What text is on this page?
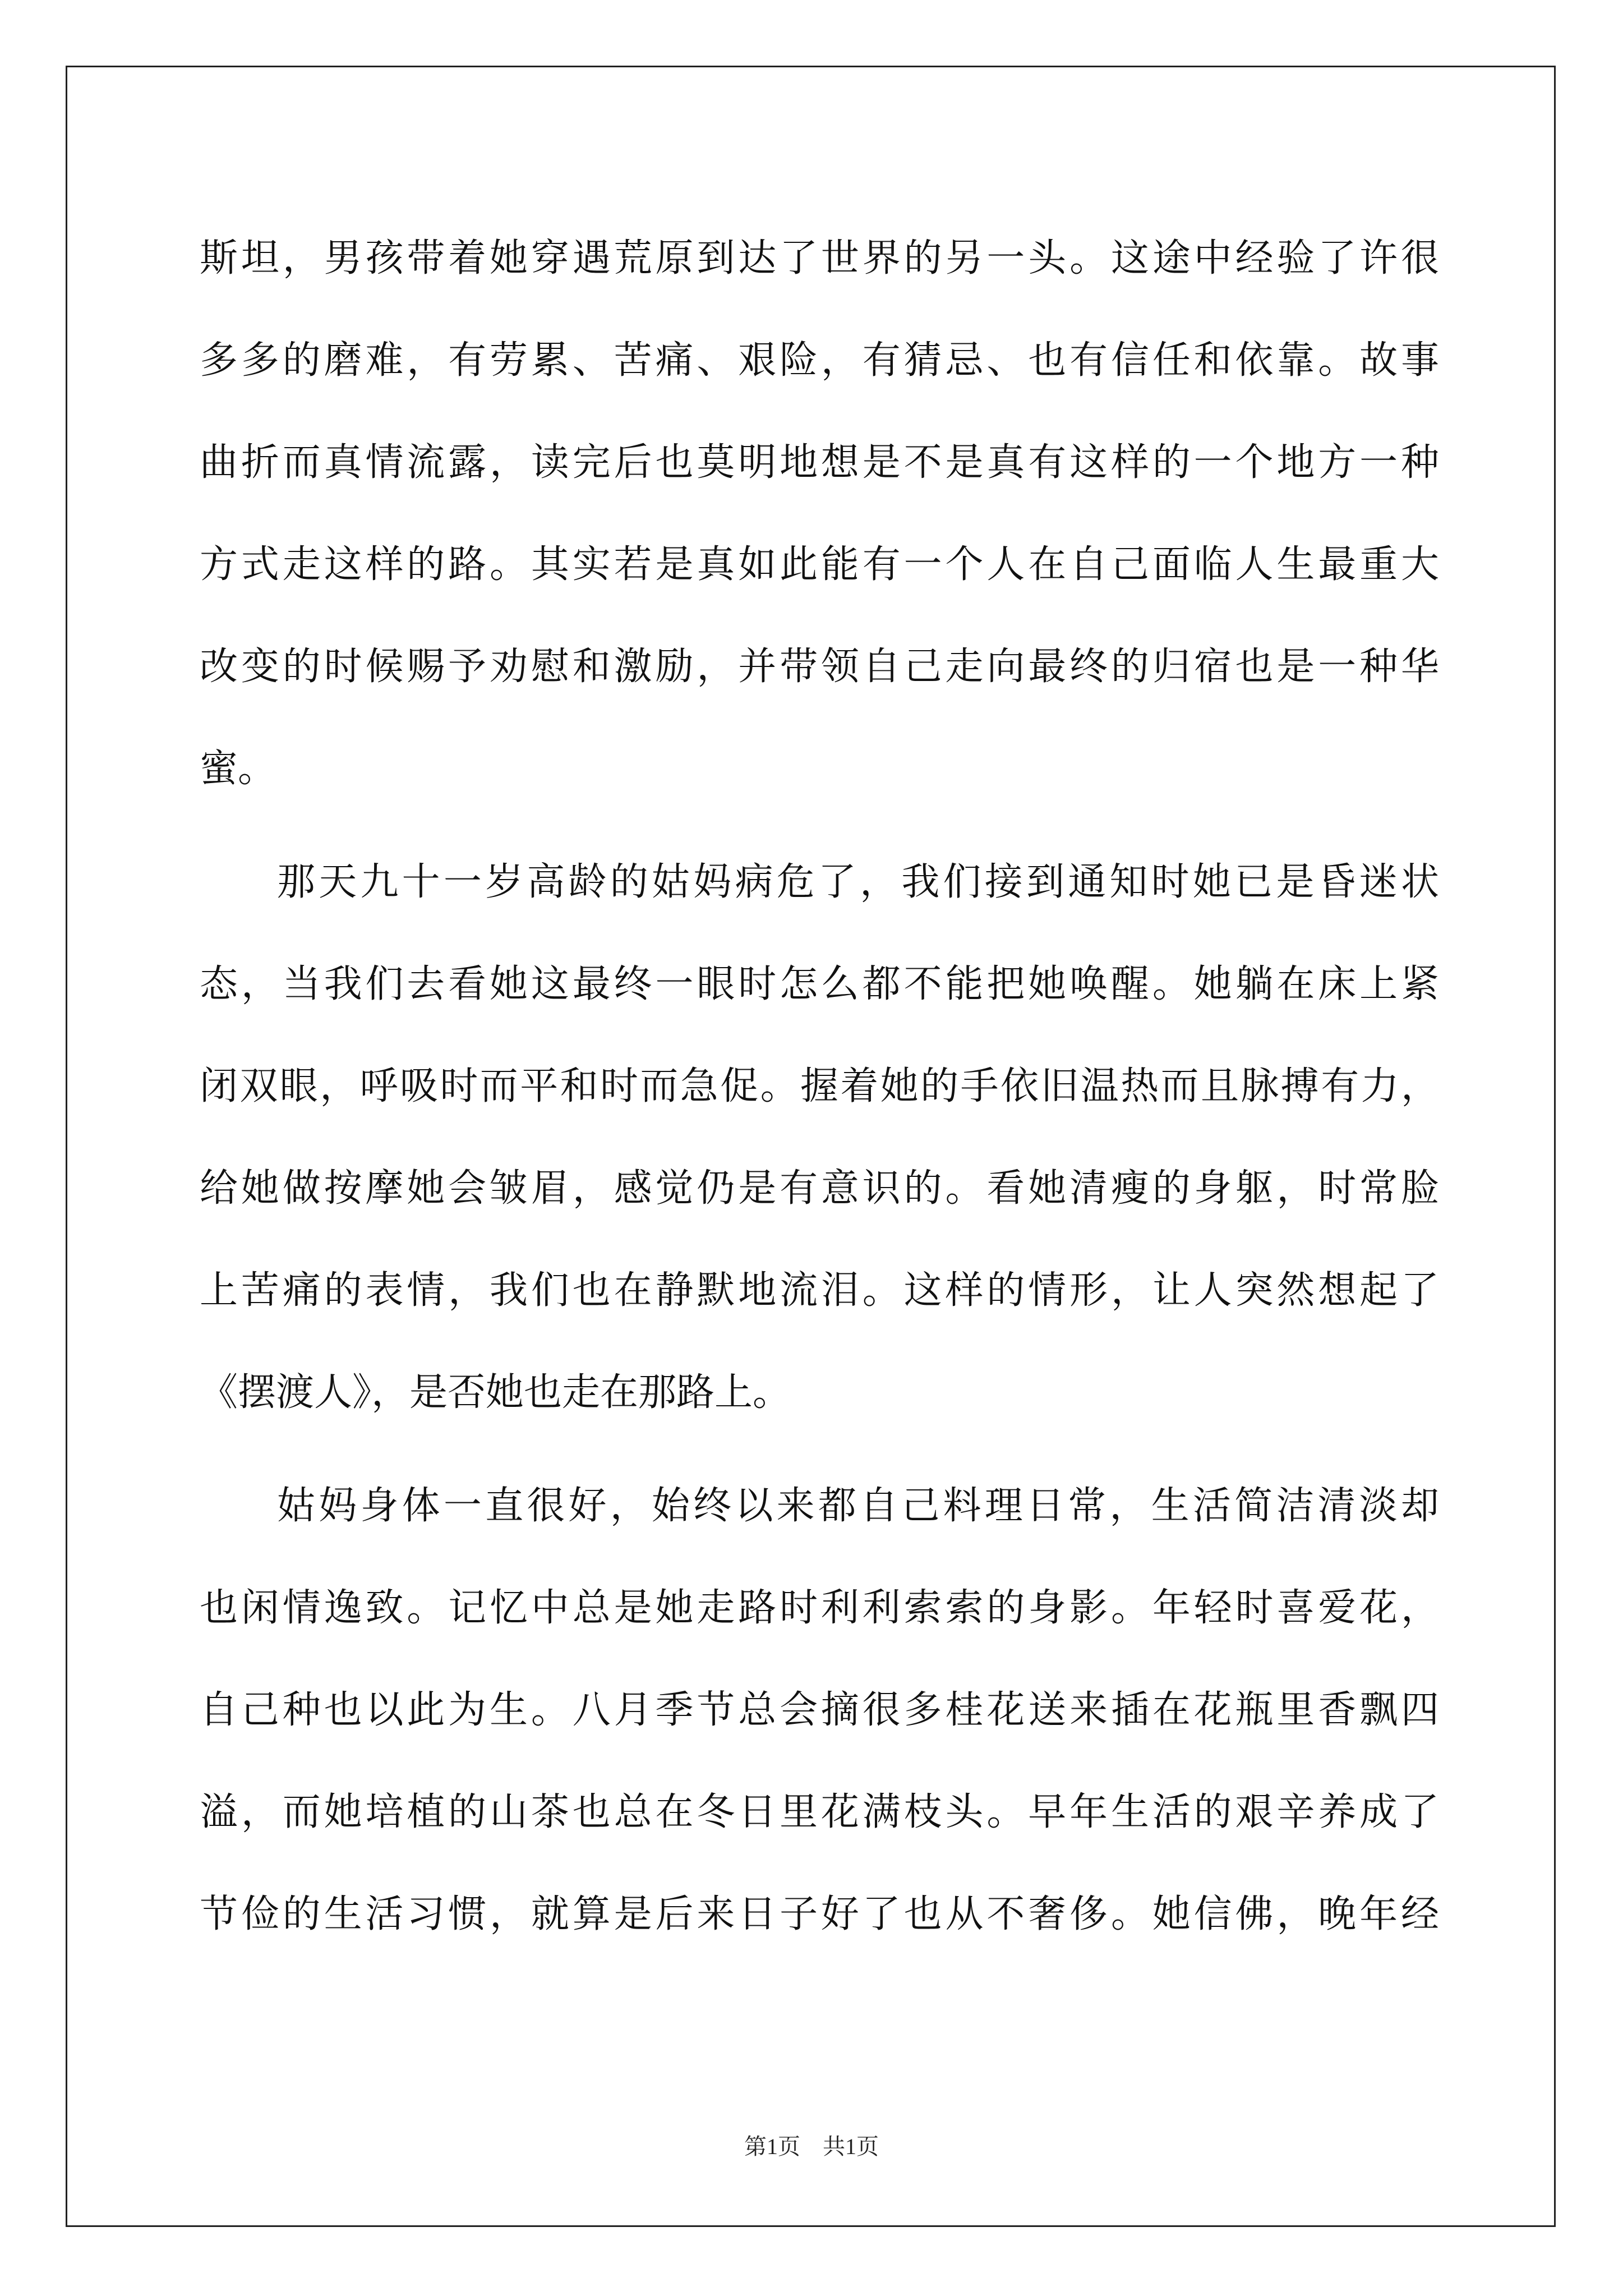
斯坦，男孩带着她穿遇荒原到达了世界的另一头。这途中经验了许很
多多的磨难，有劳累、苦痛、艰险，有猜忌、也有信任和依靠。故事
曲折而真情流露，读完后也莫明地想是不是真有这样的一个地方一种
方式走这样的路。其实若是真如此能有一个人在自己面临人生最重大
改变的时候赐予劝慰和激励，并带领自己走向最终的归宿也是一种华
蜜。
那天九十一岁高龄的姑妈病危了，我们接到通知时她已是昏迷状
态，当我们去看她这最终一眼时怎么都不能把她唤醒。她躺在床上紧
闭双眼，呼吸时而平和时而急促。握着她的手依旧温热而且脉搏有力，
给她做按摩她会皱眉，感觉仍是有意识的。看她清瘦的身躯，时常脸
上苦痛的表情，我们也在静默地流泪。这样的情形，让人突然想起了
《摆渡人》，是否她也走在那路上。
姑妈身体一直很好，始终以来都自己料理日常，生活简洁清淡却
也闲情逸致。记忆中总是她走路时利利索索的身影。年轻时喜爱花，
自己种也以此为生。八月季节总会摘很多桂花送来插在花瓶里香飘四
溢，而她培植的山茶也总在冬日里花满枝头。早年生活的艰辛养成了
节俭的生活习惯，就算是后来日子好了也从不奢侈。她信佛，晚年经
第1页　共1页
